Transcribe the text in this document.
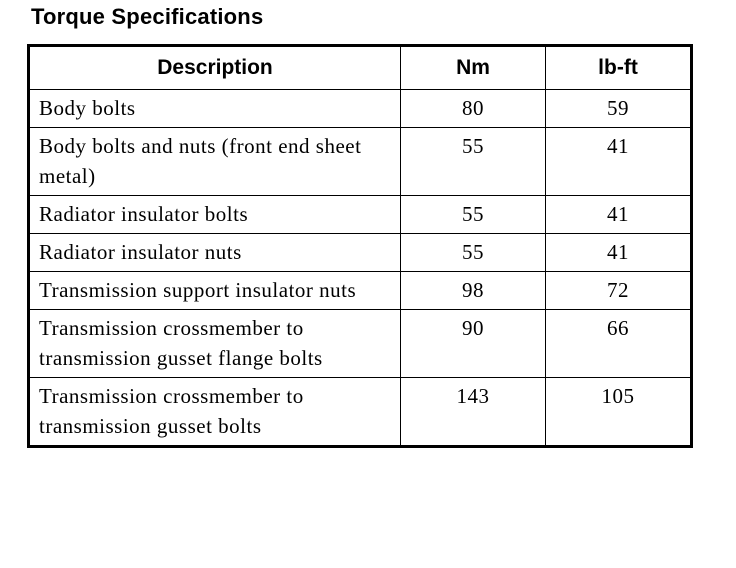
Torque Specifications
Description	Nm	lb-ft
Body bolts	80	59
Body bolts and nuts (front end sheet metal)	55	41
Radiator insulator bolts	55	41
Radiator insulator nuts	55	41
Transmission support insulator nuts	98	72
Transmission crossmember to transmission gusset flange bolts	90	66
Transmission crossmember to transmission gusset bolts	143	105
